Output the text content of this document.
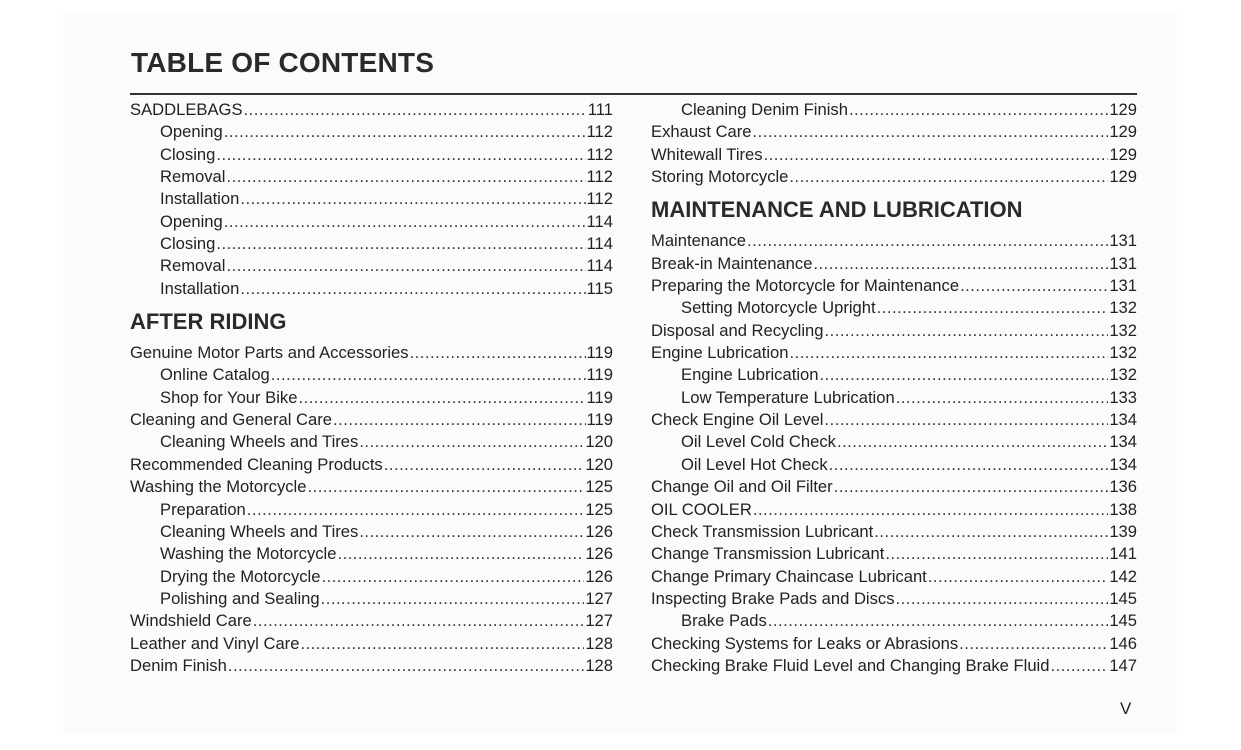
TABLE OF CONTENTS
SADDLEBAGS .....	111
Opening .....	112
Closing .....	112
Removal .....	112
Installation .....	112
Opening .....	114
Closing .....	114
Removal .....	114
Installation .....	115
AFTER RIDING
Genuine Motor Parts and Accessories .....	119
Online Catalog .....	119
Shop for Your Bike .....	119
Cleaning and General Care .....	119
Cleaning Wheels and Tires .....	120
Recommended Cleaning Products .....	120
Washing the Motorcycle .....	125
Preparation .....	125
Cleaning Wheels and Tires .....	126
Washing the Motorcycle .....	126
Drying the Motorcycle .....	126
Polishing and Sealing .....	127
Windshield Care .....	127
Leather and Vinyl Care .....	128
Denim Finish .....	128
Cleaning Denim Finish .....	129
Exhaust Care .....	129
Whitewall Tires .....	129
Storing Motorcycle .....	129
MAINTENANCE AND LUBRICATION
Maintenance .....	131
Break-in Maintenance .....	131
Preparing the Motorcycle for Maintenance .....	131
Setting Motorcycle Upright .....	132
Disposal and Recycling .....	132
Engine Lubrication .....	132
Engine Lubrication .....	132
Low Temperature Lubrication .....	133
Check Engine Oil Level .....	134
Oil Level Cold Check .....	134
Oil Level Hot Check .....	134
Change Oil and Oil Filter .....	136
OIL COOLER .....	138
Check Transmission Lubricant .....	139
Change Transmission Lubricant .....	141
Change Primary Chaincase Lubricant .....	142
Inspecting Brake Pads and Discs .....	145
Brake Pads .....	145
Checking Systems for Leaks or Abrasions .....	146
Checking Brake Fluid Level and Changing Brake Fluid .....	147
V
